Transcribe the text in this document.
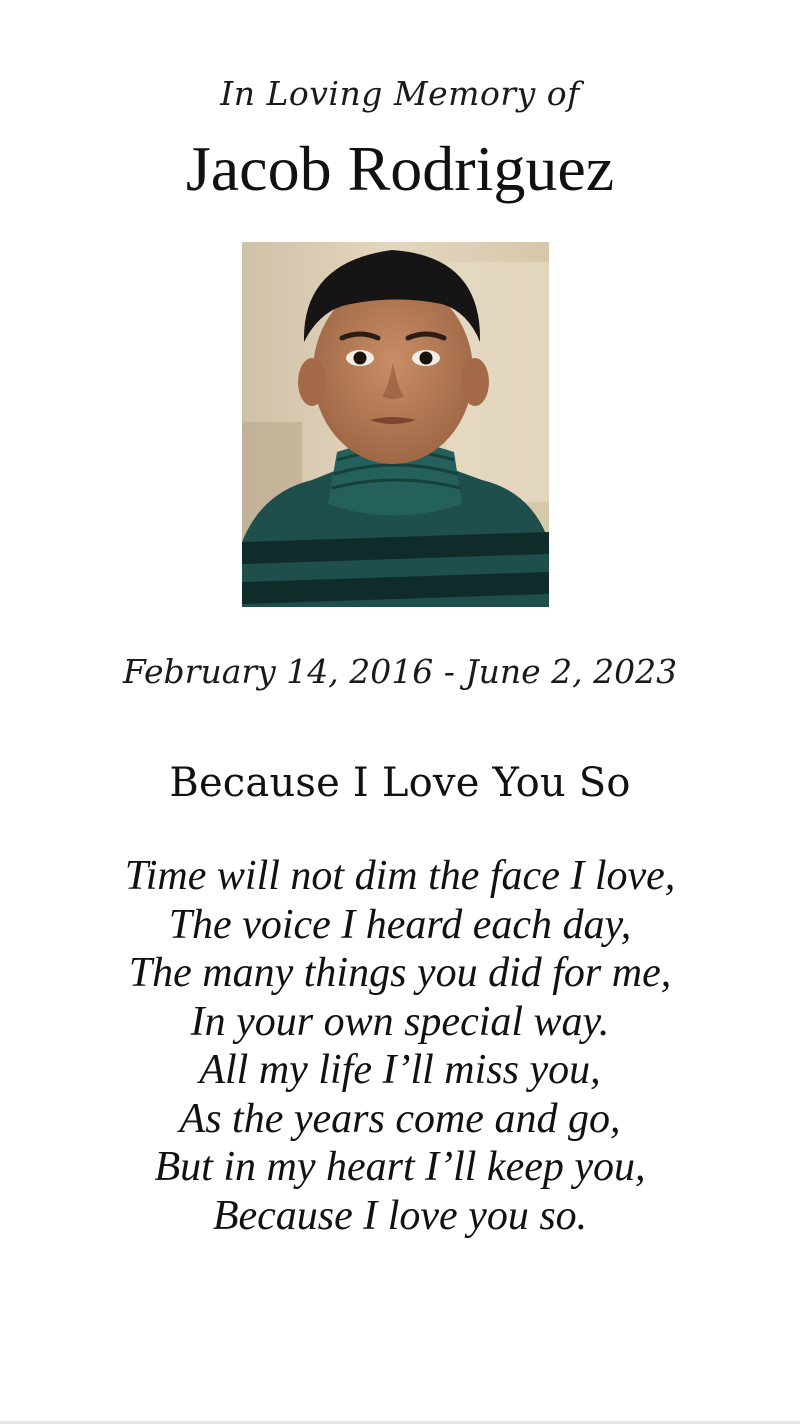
In Loving Memory of
Jacob Rodriguez
February 14, 2016 - June 2, 2023
Because I Love You So
Time will not dim the face I love,
The voice I heard each day,
The many things you did for me,
In your own special way.
All my life I’ll miss you,
As the years come and go,
But in my heart I’ll keep you,
Because I love you so.
